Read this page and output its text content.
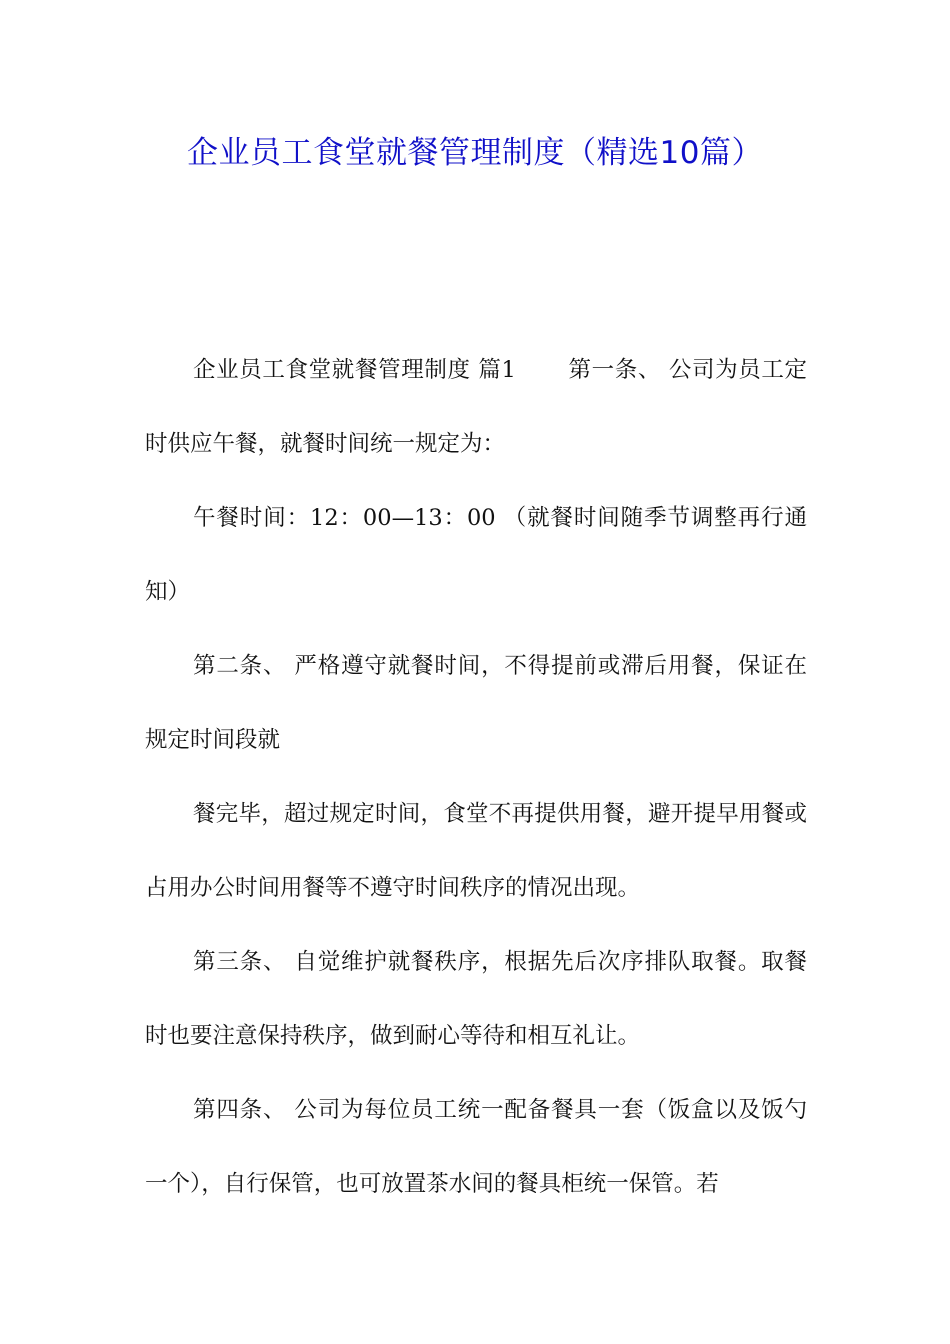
企业员工食堂就餐管理制度（精选10篇）

企业员工食堂就餐管理制度 篇1 第一条、 公司为员工定时供应午餐，就餐时间统一规定为：

午餐时间：12：00—13：00 （就餐时间随季节调整再行通知）

第二条、 严格遵守就餐时间，不得提前或滞后用餐，保证在规定时间段就

餐完毕，超过规定时间，食堂不再提供用餐，避开提早用餐或占用办公时间用餐等不遵守时间秩序的情况出现。

第三条、 自觉维护就餐秩序，根据先后次序排队取餐。取餐时也要注意保持秩序，做到耐心等待和相互礼让。

第四条、 公司为每位员工统一配备餐具一套（饭盒以及饭勺一个），自行保管，也可放置茶水间的餐具柜统一保管。若
